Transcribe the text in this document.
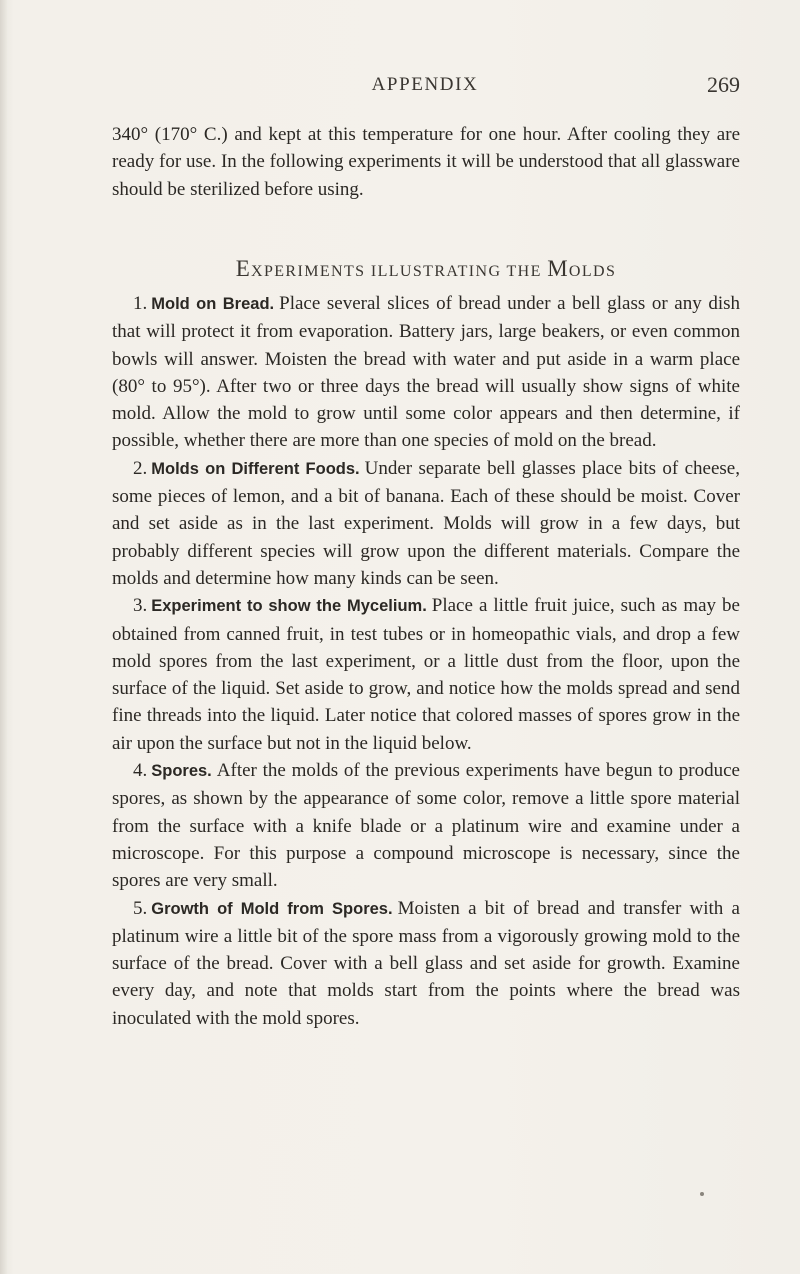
APPENDIX	269

340° (170° C.) and kept at this temperature for one hour. After cooling they are ready for use. In the following experiments it will be understood that all glassware should be sterilized before using.

EXPERIMENTS ILLUSTRATING THE MOLDS

1. Mold on Bread. Place several slices of bread under a bell glass or any dish that will protect it from evaporation. Battery jars, large beakers, or even common bowls will answer. Moisten the bread with water and put aside in a warm place (80° to 95°). After two or three days the bread will usually show signs of white mold. Allow the mold to grow until some color appears and then determine, if possible, whether there are more than one species of mold on the bread.

2. Molds on Different Foods. Under separate bell glasses place bits of cheese, some pieces of lemon, and a bit of banana. Each of these should be moist. Cover and set aside as in the last experiment. Molds will grow in a few days, but probably different species will grow upon the different materials. Compare the molds and determine how many kinds can be seen.

3. Experiment to show the Mycelium. Place a little fruit juice, such as may be obtained from canned fruit, in test tubes or in homeopathic vials, and drop a few mold spores from the last experiment, or a little dust from the floor, upon the surface of the liquid. Set aside to grow, and notice how the molds spread and send fine threads into the liquid. Later notice that colored masses of spores grow in the air upon the surface but not in the liquid below.

4. Spores. After the molds of the previous experiments have begun to produce spores, as shown by the appearance of some color, remove a little spore material from the surface with a knife blade or a platinum wire and examine under a microscope. For this purpose a compound microscope is necessary, since the spores are very small.

5. Growth of Mold from Spores. Moisten a bit of bread and transfer with a platinum wire a little bit of the spore mass from a vigorously growing mold to the surface of the bread. Cover with a bell glass and set aside for growth. Examine every day, and note that molds start from the points where the bread was inoculated with the mold spores.
